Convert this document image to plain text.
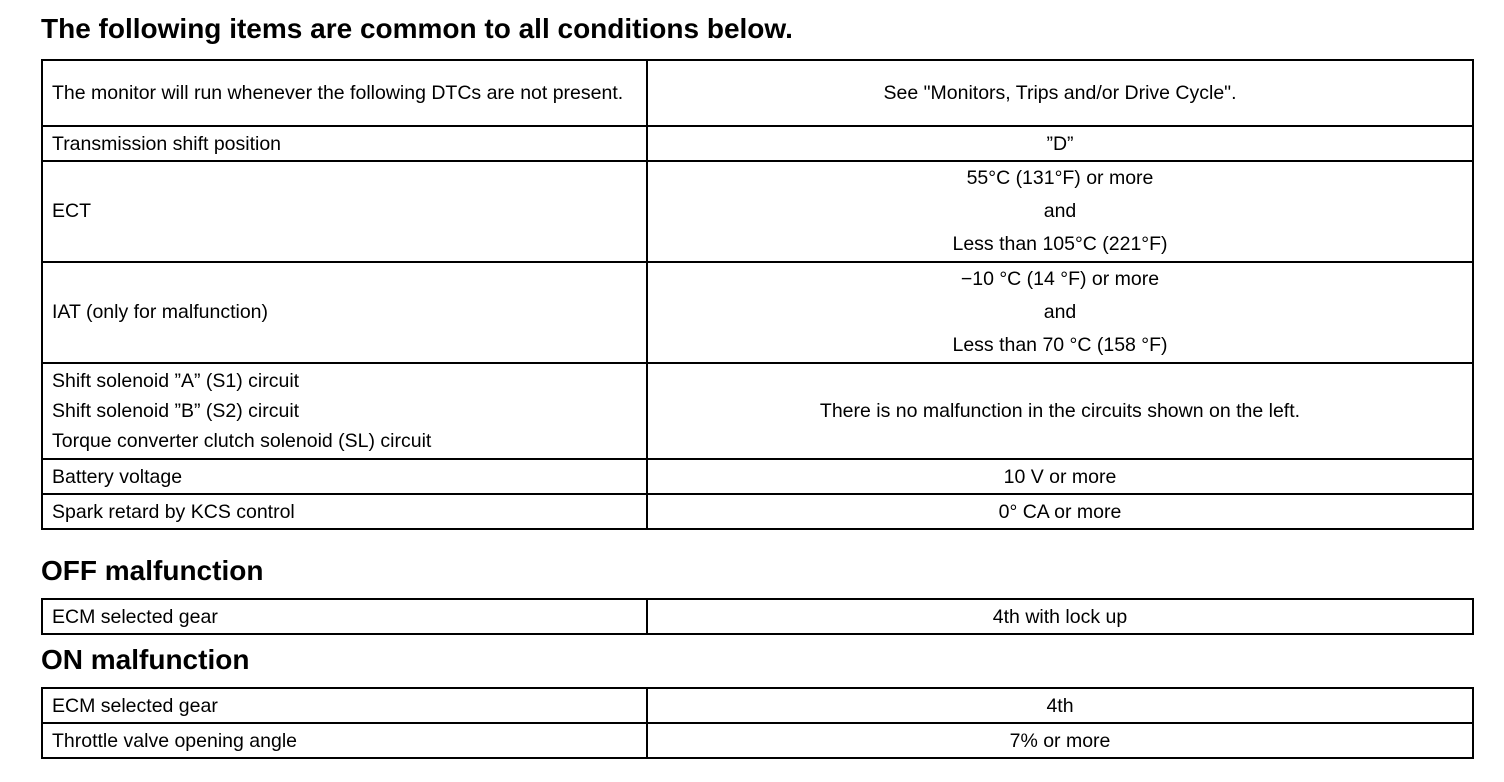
The following items are common to all conditions below.
The monitor will run whenever the following DTCs are not present.	See "Monitors, Trips and/or Drive Cycle".
Transmission shift position	”D”
ECT	55°C (131°F) or more
and
Less than 105°C (221°F)

IAT (only for malfunction)	−10 °C (14 °F) or more
and
Less than 70 °C (158 °F)

Shift solenoid ”A” (S1) circuit
Shift solenoid ”B” (S2) circuit
Torque converter clutch solenoid (SL) circuit	There is no malfunction in the circuits shown on the left.
Battery voltage	10 V or more
Spark retard by KCS control	0° CA or more
OFF malfunction
ECM selected gear	4th with lock up
ON malfunction
ECM selected gear	4th
Throttle valve opening angle	7% or more
